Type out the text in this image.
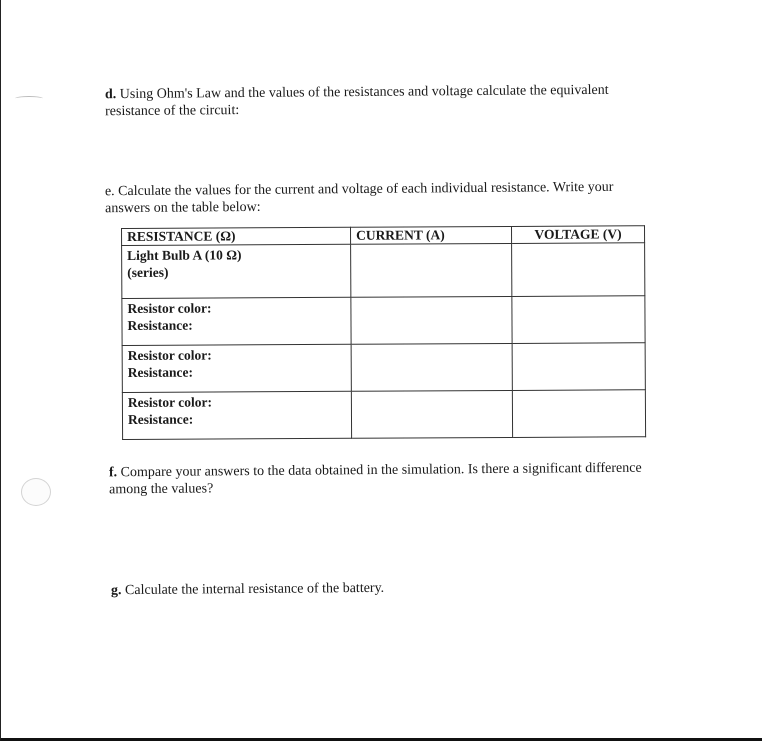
d. Using Ohm's Law and the values of the resistances and voltage calculate the equivalent
resistance of the circuit:
e. Calculate the values for the current and voltage of each individual resistance. Write your
answers on the table below:
RESISTANCE (Ω)	CURRENT (A)	VOLTAGE (V)

Light Bulb A (10 Ω)
(series)		

Resistor color:
Resistance:		

Resistor color:
Resistance:		

Resistor color:
Resistance:		

f. Compare your answers to the data obtained in the simulation. Is there a significant difference
among the values?
g. Calculate the internal resistance of the battery.
